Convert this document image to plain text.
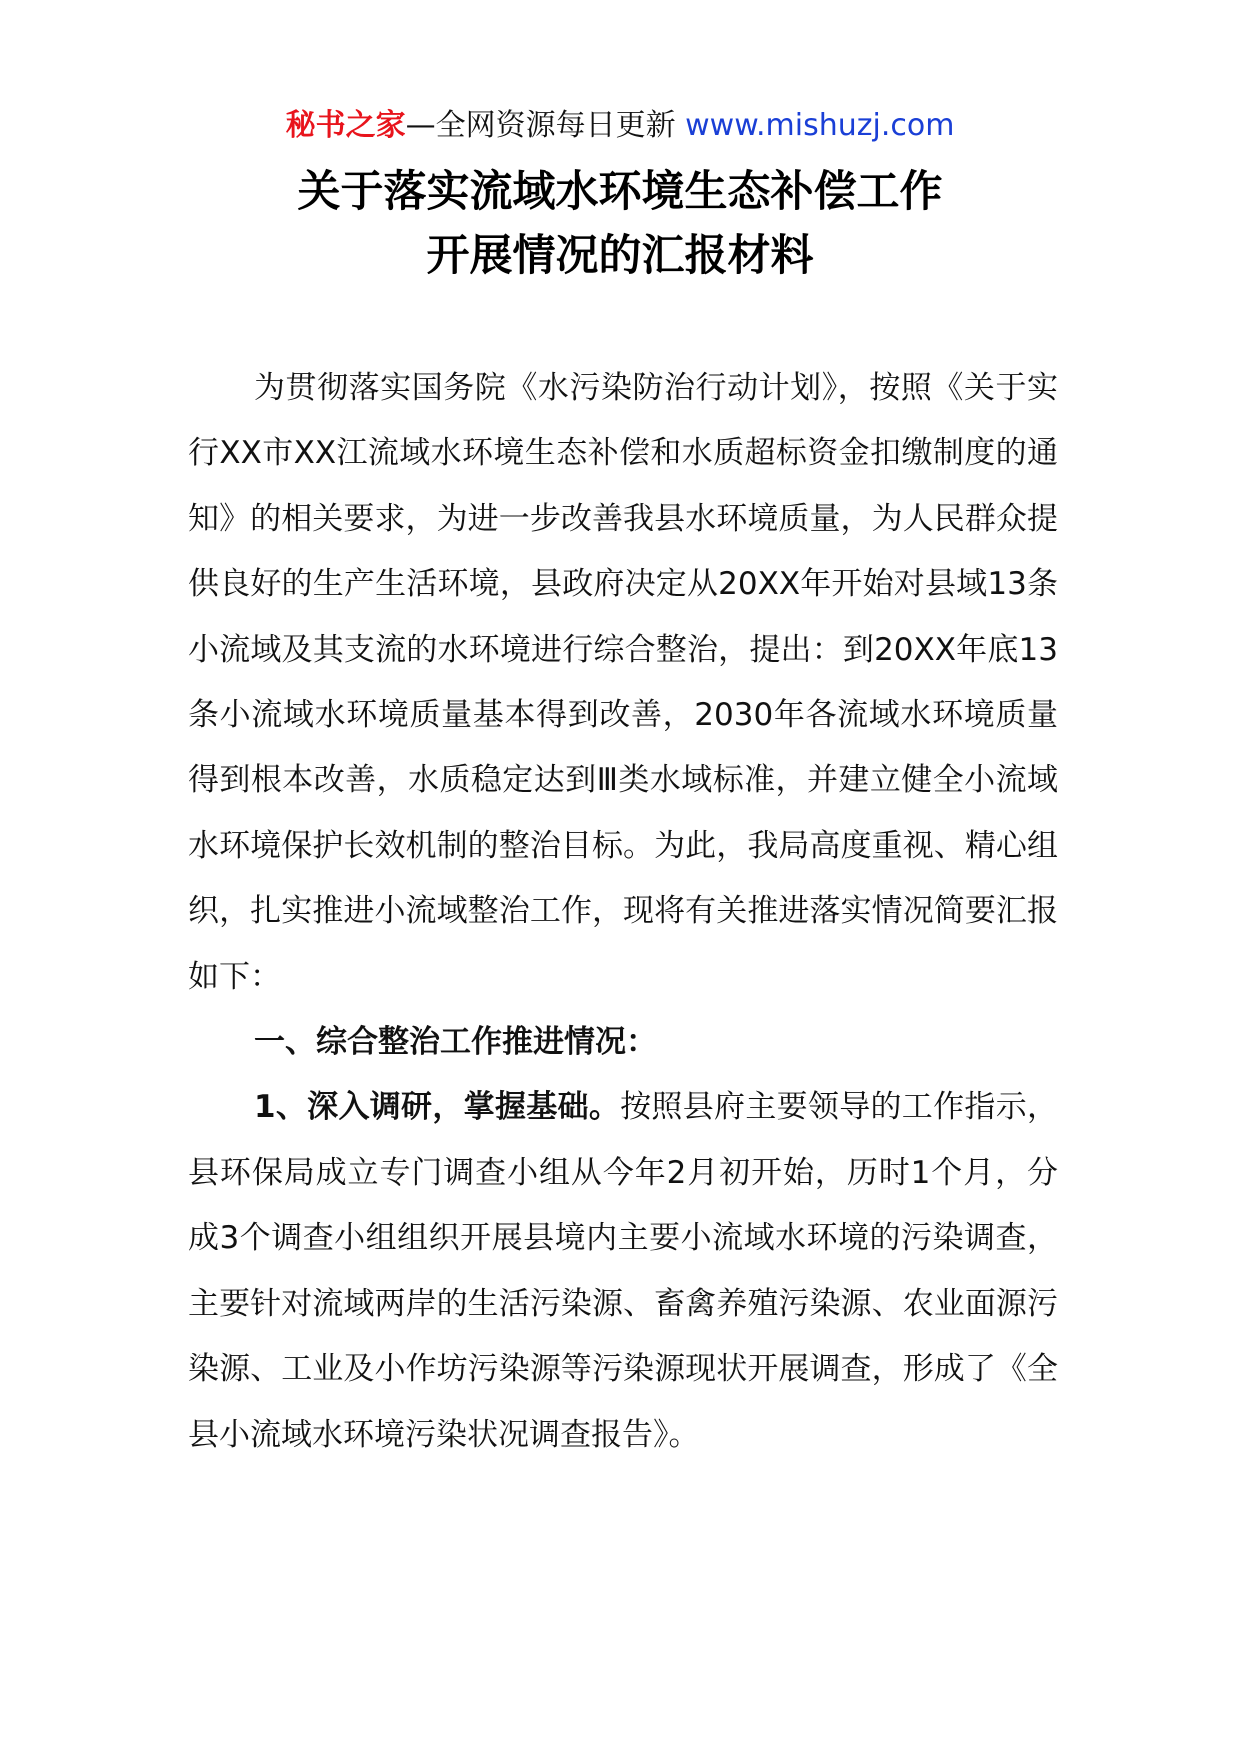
秘书之家—全网资源每日更新 www.mishuzj.com
关于落实流域水环境生态补偿工作
开展情况的汇报材料

为贯彻落实国务院《水污染防治行动计划》，按照《关于实行XX市XX江流域水环境生态补偿和水质超标资金扣缴制度的通知》的相关要求，为进一步改善我县水环境质量，为人民群众提供良好的生产生活环境，县政府决定从20XX年开始对县域13条小流域及其支流的水环境进行综合整治，提出：到20XX年底13条小流域水环境质量基本得到改善，2030年各流域水环境质量得到根本改善，水质稳定达到Ⅲ类水域标准，并建立健全小流域水环境保护长效机制的整治目标。为此，我局高度重视、精心组织，扎实推进小流域整治工作，现将有关推进落实情况简要汇报如下：

一、综合整治工作推进情况：

1、深入调研，掌握基础。按照县府主要领导的工作指示，县环保局成立专门调查小组从今年2月初开始，历时1个月，分成3个调查小组组织开展县境内主要小流域水环境的污染调查，主要针对流域两岸的生活污染源、畜禽养殖污染源、农业面源污染源、工业及小作坊污染源等污染源现状开展调查，形成了《全县小流域水环境污染状况调查报告》。
